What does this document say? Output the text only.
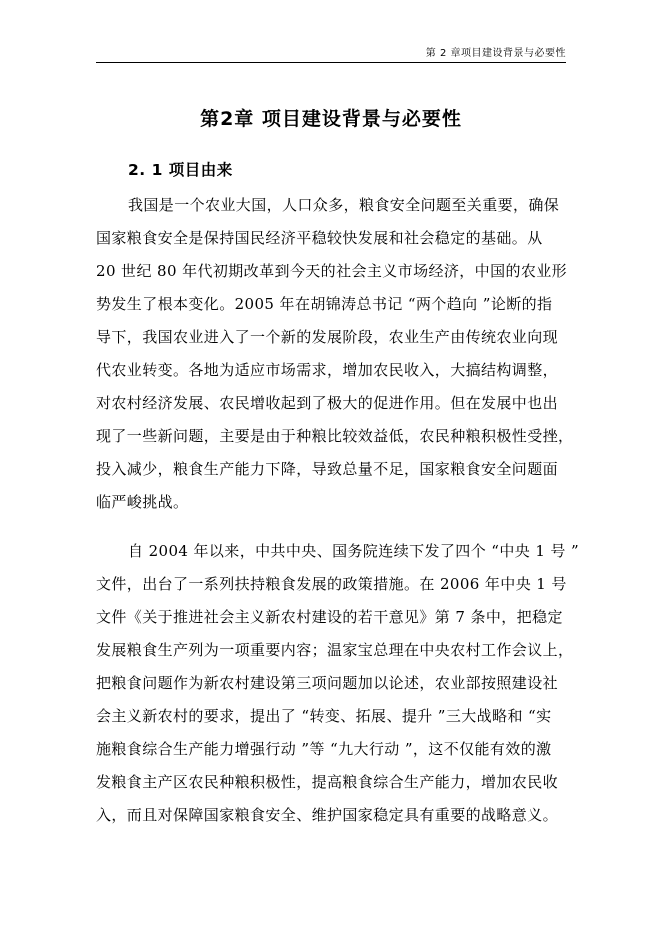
第 2 章项目建设背景与必要性
第2章 项目建设背景与必要性
2. 1 项目由来
我国是一个农业大国，人口众多，粮食安全问题至关重要，确保
国家粮食安全是保持国民经济平稳较快发展和社会稳定的基础。从
20 世纪 80 年代初期改革到今天的社会主义市场经济，中国的农业形
势发生了根本变化。2005 年在胡锦涛总书记 “两个趋向 ”论断的指
导下，我国农业进入了一个新的发展阶段，农业生产由传统农业向现
代农业转变。各地为适应市场需求，增加农民收入，大搞结构调整，
对农村经济发展、农民增收起到了极大的促进作用。但在发展中也出
现了一些新问题，主要是由于种粮比较效益低，农民种粮积极性受挫，
投入减少，粮食生产能力下降，导致总量不足，国家粮食安全问题面
临严峻挑战。
自 2004 年以来，中共中央、国务院连续下发了四个 “中央 1 号 ”
文件，出台了一系列扶持粮食发展的政策措施。在 2006 年中央 1 号
文件《关于推进社会主义新农村建设的若干意见》第 7 条中，把稳定
发展粮食生产列为一项重要内容；温家宝总理在中央农村工作会议上，
把粮食问题作为新农村建设第三项问题加以论述，农业部按照建设社
会主义新农村的要求，提出了 “转变、拓展、提升 ”三大战略和 “实
施粮食综合生产能力增强行动 ”等 “九大行动 ”，这不仅能有效的激
发粮食主产区农民种粮积极性，提高粮食综合生产能力，增加农民收
入，而且对保障国家粮食安全、维护国家稳定具有重要的战略意义。
